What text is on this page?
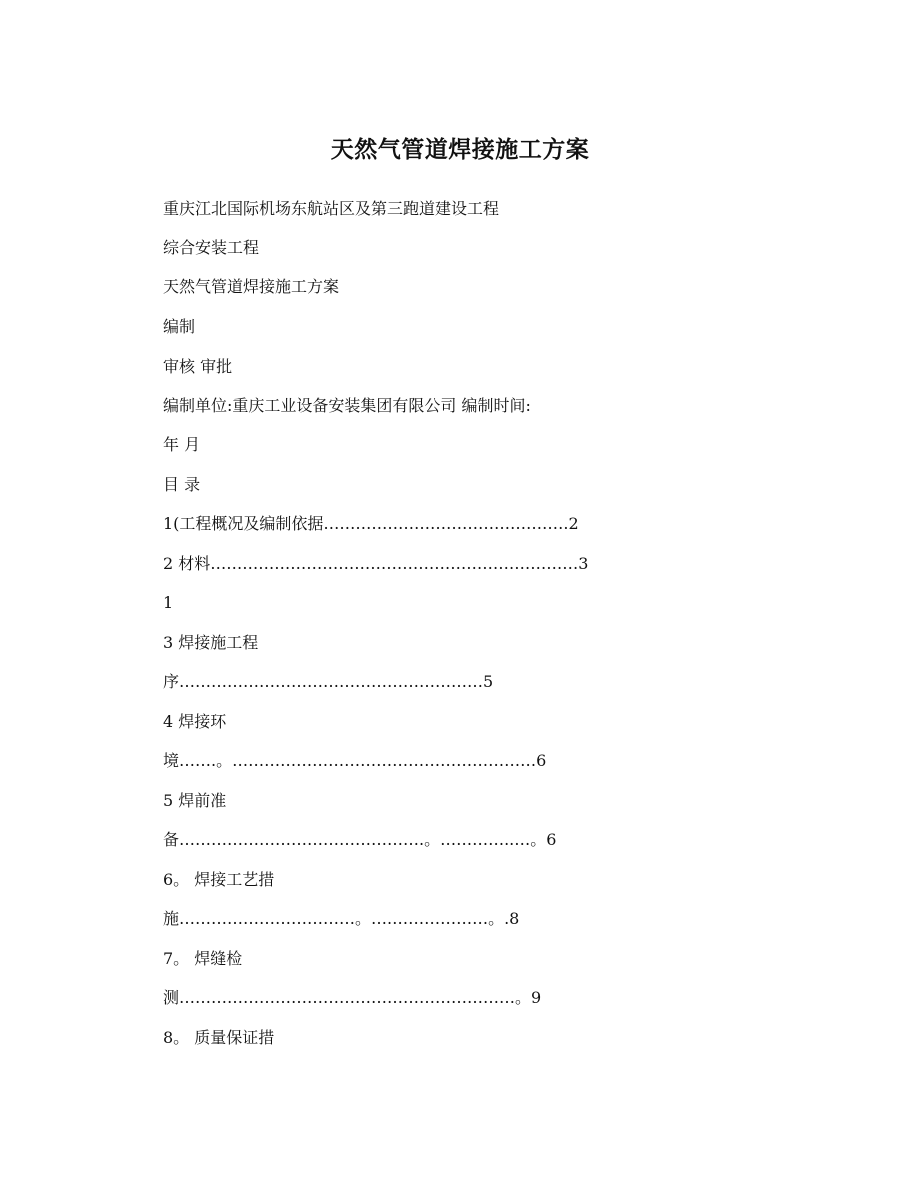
天然气管道焊接施工方案
重庆江北国际机场东航站区及第三跑道建设工程
综合安装工程
天然气管道焊接施工方案
编制
审核 审批
编制单位:重庆工业设备安装集团有限公司 编制时间:
年 月
目 录
1(工程概况及编制依据……………………………………….2
2 材料……………………………………………………………3
1
3 焊接施工程
序…………………………………………………5
4 焊接环
境…….。…………………………………………………6
5 焊前准
备……………………………………….。…………..…。6
6。 焊接工艺措
施……………………………。….………………。.8
7。 焊缝检
测………………………………………………………。9
8。 质量保证措
